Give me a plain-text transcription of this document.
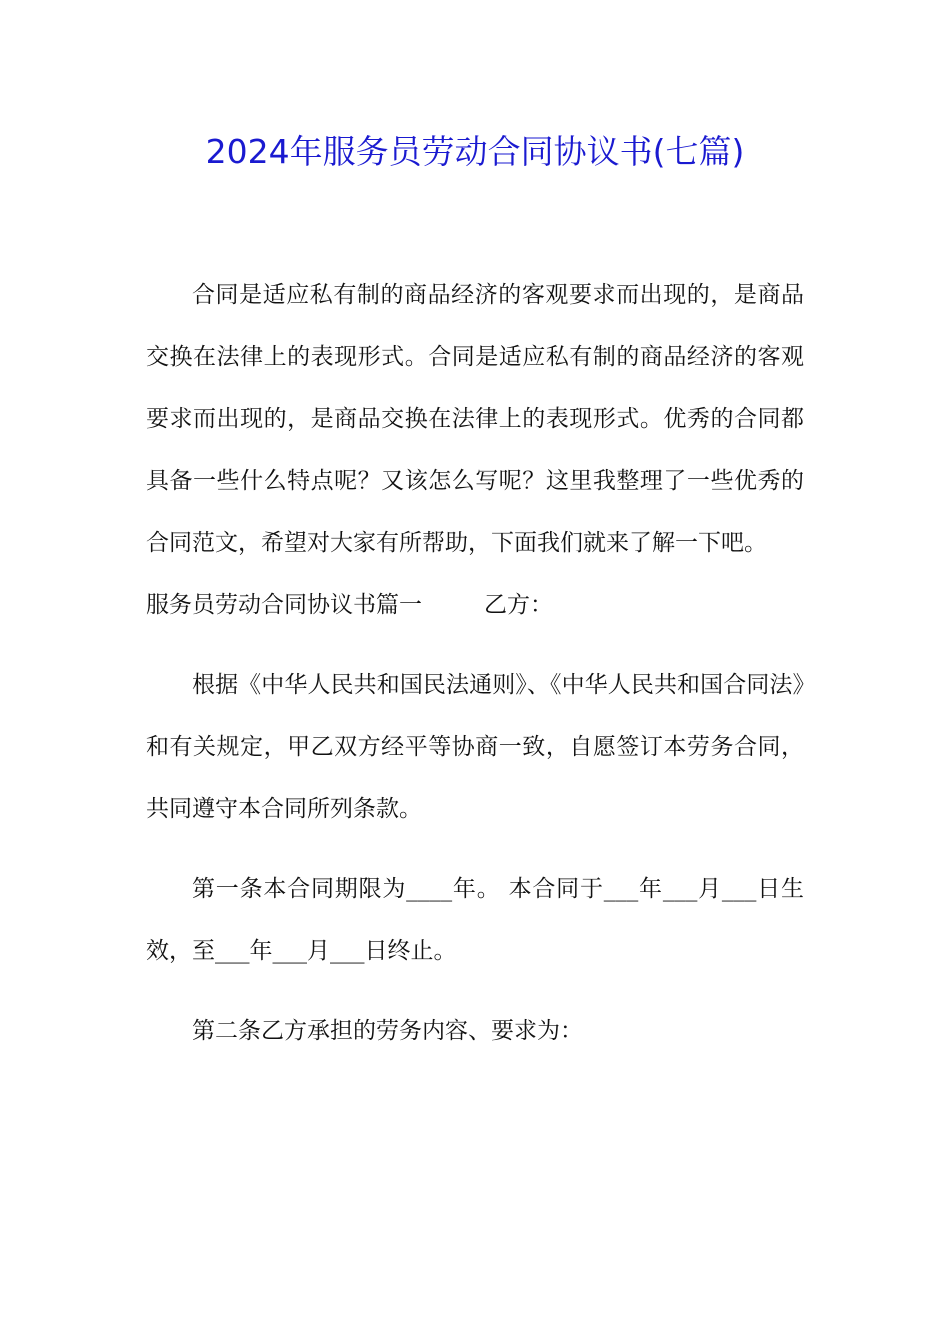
2024年服务员劳动合同协议书(七篇)

合同是适应私有制的商品经济的客观要求而出现的，是商品交换在法律上的表现形式。合同是适应私有制的商品经济的客观要求而出现的，是商品交换在法律上的表现形式。优秀的合同都具备一些什么特点呢？又该怎么写呢？这里我整理了一些优秀的合同范文，希望对大家有所帮助，下面我们就来了解一下吧。

服务员劳动合同协议书篇一	乙方：

根据《中华人民共和国民法通则》、《中华人民共和国合同法》和有关规定，甲乙双方经平等协商一致，自愿签订本劳务合同，共同遵守本合同所列条款。

第一条本合同期限为____年。 本合同于___年___月___日生效，至___年___月___日终止。

第二条乙方承担的劳务内容、要求为：
